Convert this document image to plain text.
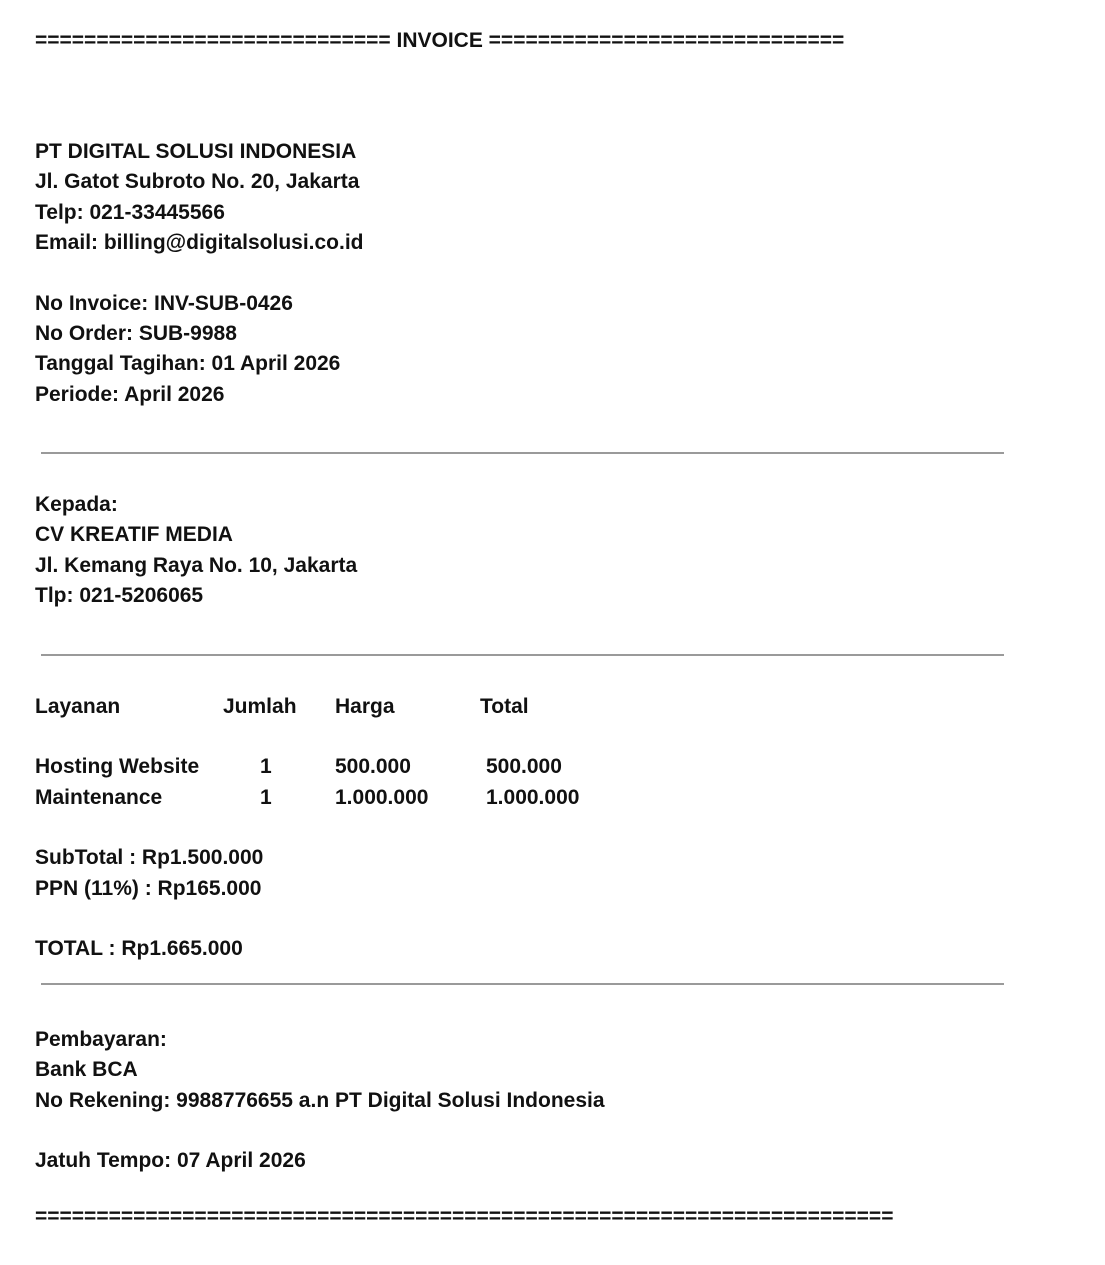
============================= INVOICE =============================
PT DIGITAL SOLUSI INDONESIA
Jl. Gatot Subroto No. 20, Jakarta
Telp: 021-33445566
Email: billing@digitalsolusi.co.id
No Invoice: INV-SUB-0426
No Order: SUB-9988
Tanggal Tagihan: 01 April 2026
Periode: April 2026
Kepada:
CV KREATIF MEDIA
Jl. Kemang Raya No. 10, Jakarta
Tlp: 021-5206065
Layanan	Jumlah Harga	Total
Hosting Website	1	500.000	500.000
Maintenance	1	1.000.000	1.000.000
SubTotal : Rp1.500.000
PPN (11%) : Rp165.000
TOTAL : Rp1.665.000
Pembayaran:
Bank BCA
No Rekening: 9988776655 a.n PT Digital Solusi Indonesia
Jatuh Tempo: 07 April 2026
======================================================================
